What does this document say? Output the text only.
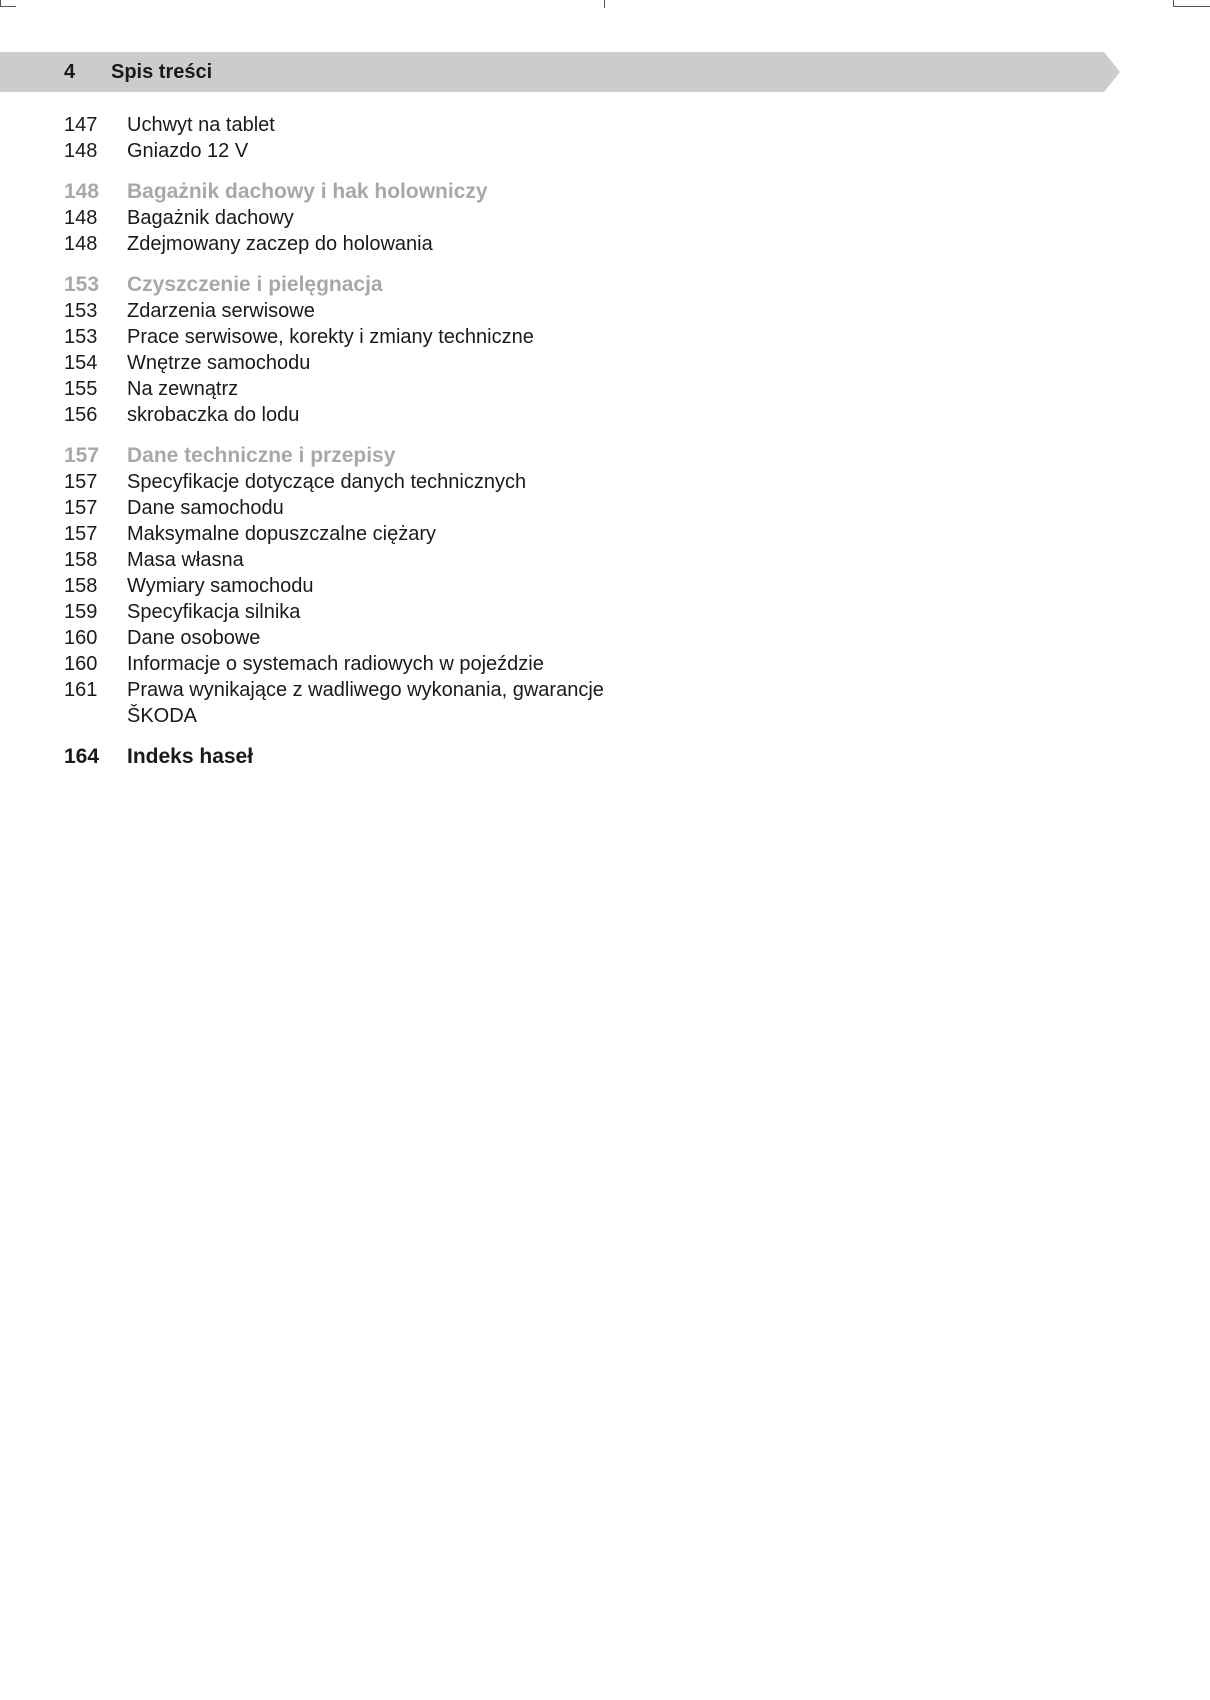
4 Spis treści
147	Uchwyt na tablet
148	Gniazdo 12 V
148	Bagażnik dachowy i hak holowniczy
148	Bagażnik dachowy
148	Zdejmowany zaczep do holowania
153	Czyszczenie i pielęgnacja
153	Zdarzenia serwisowe
153	Prace serwisowe, korekty i zmiany techniczne
154	Wnętrze samochodu
155	Na zewnątrz
156	skrobaczka do lodu
157	Dane techniczne i przepisy
157	Specyfikacje dotyczące danych technicznych
157	Dane samochodu
157	Maksymalne dopuszczalne ciężary
158	Masa własna
158	Wymiary samochodu
159	Specyfikacja silnika
160	Dane osobowe
160	Informacje o systemach radiowych w pojeździe
161	Prawa wynikające z wadliwego wykonania, gwarancje ŠKODA
164	Indeks haseł
